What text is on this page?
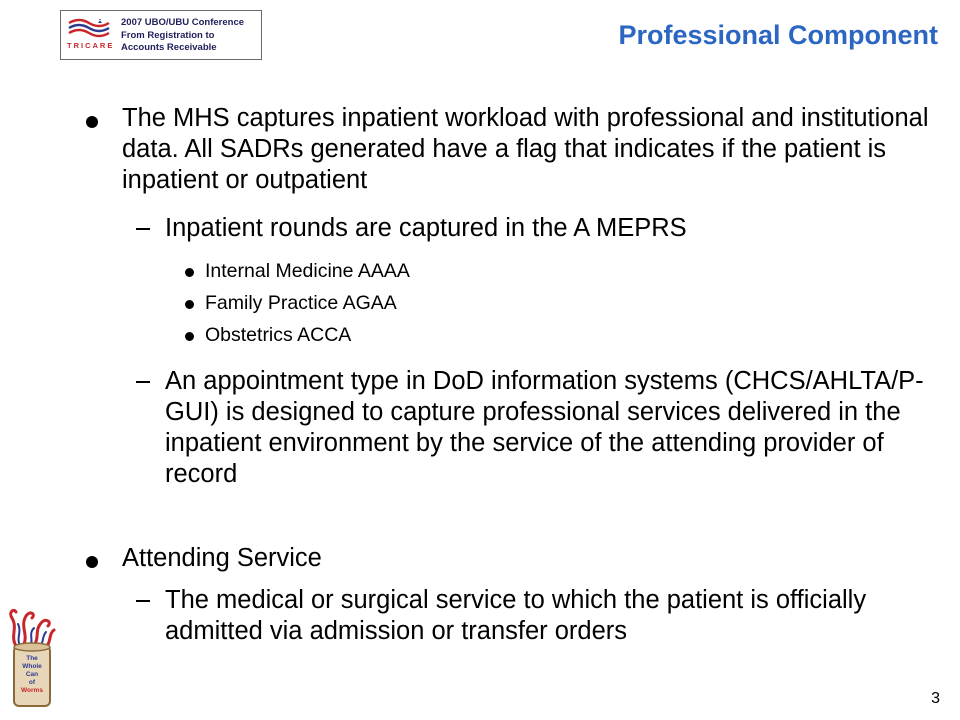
TRICARE
2007 UBO/UBU Conference
From Registration to
Accounts Receivable	Professional Component
The MHS captures inpatient workload with professional and institutional data. All SADRs generated have a flag that indicates if the patient is inpatient or outpatient
Inpatient rounds are captured in the A MEPRS
Internal Medicine AAAA
Family Practice AGAA
Obstetrics ACCA
An appointment type in DoD information systems (CHCS/AHLTA/P-GUI) is designed to capture professional services delivered in the inpatient environment by the service of the attending provider of record
Attending Service
The medical or surgical service to which the patient is officially admitted via admission or transfer orders
The
Whole
Can
of
Worms	3
